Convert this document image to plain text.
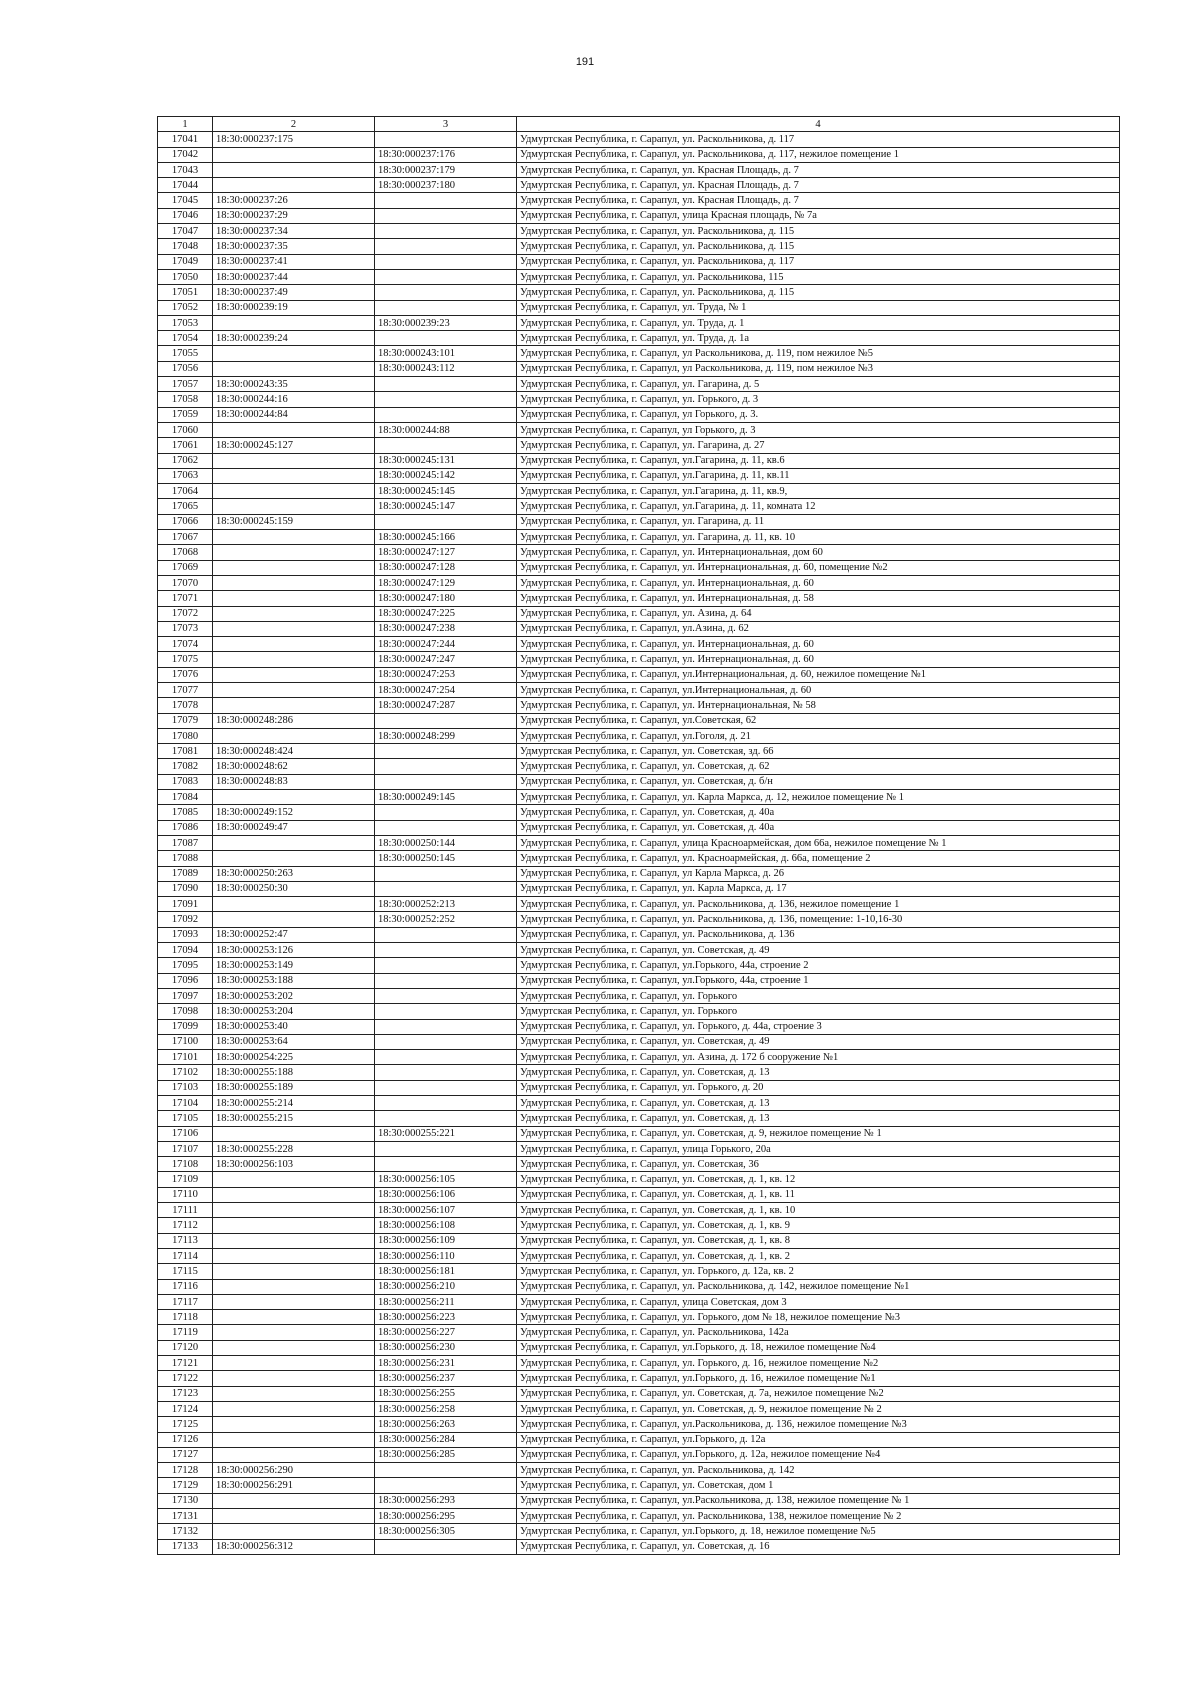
191
1	2	3	4
17041	18:30:000237:175		Удмуртская Республика, г. Сарапул, ул. Раскольникова, д. 117
17042		18:30:000237:176	Удмуртская Республика, г. Сарапул, ул. Раскольникова, д. 117, нежилое помещение 1
17043		18:30:000237:179	Удмуртская Республика, г. Сарапул, ул. Красная Площадь, д. 7
17044		18:30:000237:180	Удмуртская Республика, г. Сарапул, ул. Красная Площадь, д. 7
17045	18:30:000237:26		Удмуртская Республика, г. Сарапул, ул. Красная Площадь, д. 7
17046	18:30:000237:29		Удмуртская Республика, г. Сарапул, улица Красная площадь, № 7а
17047	18:30:000237:34		Удмуртская Республика, г. Сарапул, ул. Раскольникова, д. 115
17048	18:30:000237:35		Удмуртская Республика, г. Сарапул, ул. Раскольникова, д. 115
17049	18:30:000237:41		Удмуртская Республика, г. Сарапул, ул. Раскольникова, д. 117
17050	18:30:000237:44		Удмуртская Республика, г. Сарапул, ул. Раскольникова, 115
17051	18:30:000237:49		Удмуртская Республика, г. Сарапул, ул. Раскольникова, д. 115
17052	18:30:000239:19		Удмуртская Республика, г. Сарапул, ул. Труда, № 1
17053		18:30:000239:23	Удмуртская Республика, г. Сарапул, ул. Труда, д. 1
17054	18:30:000239:24		Удмуртская Республика, г. Сарапул, ул. Труда, д. 1а
17055		18:30:000243:101	Удмуртская Республика, г. Сарапул, ул Раскольникова, д. 119, пом нежилое №5
17056		18:30:000243:112	Удмуртская Республика, г. Сарапул, ул Раскольникова, д. 119, пом нежилое №3
17057	18:30:000243:35		Удмуртская Республика, г. Сарапул, ул. Гагарина, д. 5
17058	18:30:000244:16		Удмуртская Республика, г. Сарапул, ул. Горького, д. 3
17059	18:30:000244:84		Удмуртская Республика, г. Сарапул, ул Горького, д. 3.
17060		18:30:000244:88	Удмуртская Республика, г. Сарапул, ул Горького, д. 3
17061	18:30:000245:127		Удмуртская Республика, г. Сарапул, ул. Гагарина, д. 27
17062		18:30:000245:131	Удмуртская Республика, г. Сарапул, ул.Гагарина, д. 11, кв.6
17063		18:30:000245:142	Удмуртская Республика, г. Сарапул, ул.Гагарина, д. 11, кв.11
17064		18:30:000245:145	Удмуртская Республика, г. Сарапул, ул.Гагарина, д. 11, кв.9,
17065		18:30:000245:147	Удмуртская Республика, г. Сарапул, ул.Гагарина, д. 11, комната 12
17066	18:30:000245:159		Удмуртская Республика, г. Сарапул, ул. Гагарина, д. 11
17067		18:30:000245:166	Удмуртская Республика, г. Сарапул, ул. Гагарина, д. 11, кв. 10
17068		18:30:000247:127	Удмуртская Республика, г. Сарапул, ул. Интернациональная, дом 60
17069		18:30:000247:128	Удмуртская Республика, г. Сарапул, ул. Интернациональная, д. 60, помещение №2
17070		18:30:000247:129	Удмуртская Республика, г. Сарапул, ул. Интернациональная, д. 60
17071		18:30:000247:180	Удмуртская Республика, г. Сарапул, ул. Интернациональная, д. 58
17072		18:30:000247:225	Удмуртская Республика, г. Сарапул, ул. Азина, д. 64
17073		18:30:000247:238	Удмуртская Республика, г. Сарапул, ул.Азина, д. 62
17074		18:30:000247:244	Удмуртская Республика, г. Сарапул, ул. Интернациональная, д. 60
17075		18:30:000247:247	Удмуртская Республика, г. Сарапул, ул. Интернациональная, д. 60
17076		18:30:000247:253	Удмуртская Республика, г. Сарапул, ул.Интернациональная, д. 60, нежилое помещение №1
17077		18:30:000247:254	Удмуртская Республика, г. Сарапул, ул.Интернациональная, д. 60
17078		18:30:000247:287	Удмуртская Республика, г. Сарапул, ул. Интернациональная, № 58
17079	18:30:000248:286		Удмуртская Республика, г. Сарапул, ул.Советская, 62
17080		18:30:000248:299	Удмуртская Республика, г. Сарапул, ул.Гоголя, д. 21
17081	18:30:000248:424		Удмуртская Республика, г. Сарапул, ул. Советская, зд. 66
17082	18:30:000248:62		Удмуртская Республика, г. Сарапул, ул. Советская, д. 62
17083	18:30:000248:83		Удмуртская Республика, г. Сарапул, ул. Советская, д. б/н
17084		18:30:000249:145	Удмуртская Республика, г. Сарапул, ул. Карла Маркса, д. 12, нежилое помещение № 1
17085	18:30:000249:152		Удмуртская Республика, г. Сарапул, ул. Советская, д. 40а
17086	18:30:000249:47		Удмуртская Республика, г. Сарапул, ул. Советская, д. 40а
17087		18:30:000250:144	Удмуртская Республика, г. Сарапул, улица Красноармейская, дом 66а, нежилое помещение № 1
17088		18:30:000250:145	Удмуртская Республика, г. Сарапул, ул. Красноармейская, д. 66а, помещение 2
17089	18:30:000250:263		Удмуртская Республика, г. Сарапул, ул Карла Маркса, д. 26
17090	18:30:000250:30		Удмуртская Республика, г. Сарапул, ул. Карла Маркса, д. 17
17091		18:30:000252:213	Удмуртская Республика, г. Сарапул, ул. Раскольникова, д. 136, нежилое помещение 1
17092		18:30:000252:252	Удмуртская Республика, г. Сарапул, ул. Раскольникова, д. 136, помещение: 1-10,16-30
17093	18:30:000252:47		Удмуртская Республика, г. Сарапул, ул. Раскольникова, д. 136
17094	18:30:000253:126		Удмуртская Республика, г. Сарапул, ул. Советская, д. 49
17095	18:30:000253:149		Удмуртская Республика, г. Сарапул, ул.Горького, 44а, строение 2
17096	18:30:000253:188		Удмуртская Республика, г. Сарапул, ул.Горького, 44а, строение 1
17097	18:30:000253:202		Удмуртская Республика, г. Сарапул, ул. Горького
17098	18:30:000253:204		Удмуртская Республика, г. Сарапул, ул. Горького
17099	18:30:000253:40		Удмуртская Республика, г. Сарапул, ул. Горького, д. 44а, строение 3
17100	18:30:000253:64		Удмуртская Республика, г. Сарапул, ул. Советская, д. 49
17101	18:30:000254:225		Удмуртская Республика, г. Сарапул, ул. Азина, д. 172 б сооружение №1
17102	18:30:000255:188		Удмуртская Республика, г. Сарапул, ул. Советская, д. 13
17103	18:30:000255:189		Удмуртская Республика, г. Сарапул, ул. Горького, д. 20
17104	18:30:000255:214		Удмуртская Республика, г. Сарапул, ул. Советская, д. 13
17105	18:30:000255:215		Удмуртская Республика, г. Сарапул, ул. Советская, д. 13
17106		18:30:000255:221	Удмуртская Республика, г. Сарапул, ул. Советская, д. 9, нежилое помещение № 1
17107	18:30:000255:228		Удмуртская Республика, г. Сарапул, улица Горького, 20а
17108	18:30:000256:103		Удмуртская Республика, г. Сарапул, ул. Советская, 36
17109		18:30:000256:105	Удмуртская Республика, г. Сарапул, ул. Советская, д. 1, кв. 12
17110		18:30:000256:106	Удмуртская Республика, г. Сарапул, ул. Советская, д. 1, кв. 11
17111		18:30:000256:107	Удмуртская Республика, г. Сарапул, ул. Советская, д. 1, кв. 10
17112		18:30:000256:108	Удмуртская Республика, г. Сарапул, ул. Советская, д. 1, кв. 9
17113		18:30:000256:109	Удмуртская Республика, г. Сарапул, ул. Советская, д. 1, кв. 8
17114		18:30:000256:110	Удмуртская Республика, г. Сарапул, ул. Советская, д. 1, кв. 2
17115		18:30:000256:181	Удмуртская Республика, г. Сарапул, ул. Горького, д. 12а, кв. 2
17116		18:30:000256:210	Удмуртская Республика, г. Сарапул, ул. Раскольникова, д. 142, нежилое помещение №1
17117		18:30:000256:211	Удмуртская Республика, г. Сарапул, улица Советская, дом 3
17118		18:30:000256:223	Удмуртская Республика, г. Сарапул, ул. Горького, дом № 18, нежилое помещение №3
17119		18:30:000256:227	Удмуртская Республика, г. Сарапул, ул. Раскольникова, 142а
17120		18:30:000256:230	Удмуртская Республика, г. Сарапул, ул.Горького, д. 18, нежилое помещение №4
17121		18:30:000256:231	Удмуртская Республика, г. Сарапул, ул. Горького, д. 16, нежилое помещение №2
17122		18:30:000256:237	Удмуртская Республика, г. Сарапул, ул.Горького, д. 16, нежилое помещение №1
17123		18:30:000256:255	Удмуртская Республика, г. Сарапул, ул. Советская, д. 7а, нежилое помещение №2
17124		18:30:000256:258	Удмуртская Республика, г. Сарапул, ул. Советская, д. 9, нежилое помещение № 2
17125		18:30:000256:263	Удмуртская Республика, г. Сарапул, ул.Раскольникова, д. 136, нежилое помещение №3
17126		18:30:000256:284	Удмуртская Республика, г. Сарапул, ул.Горького, д. 12а
17127		18:30:000256:285	Удмуртская Республика, г. Сарапул, ул.Горького, д. 12а, нежилое помещение №4
17128	18:30:000256:290		Удмуртская Республика, г. Сарапул, ул. Раскольникова, д. 142
17129	18:30:000256:291		Удмуртская Республика, г. Сарапул, ул. Советская, дом 1
17130		18:30:000256:293	Удмуртская Республика, г. Сарапул, ул.Раскольникова, д. 138, нежилое помещение № 1
17131		18:30:000256:295	Удмуртская Республика, г. Сарапул, ул. Раскольникова, 138, нежилое помещение № 2
17132		18:30:000256:305	Удмуртская Республика, г. Сарапул, ул.Горького, д. 18, нежилое помещение №5
17133	18:30:000256:312		Удмуртская Республика, г. Сарапул, ул. Советская, д. 16
